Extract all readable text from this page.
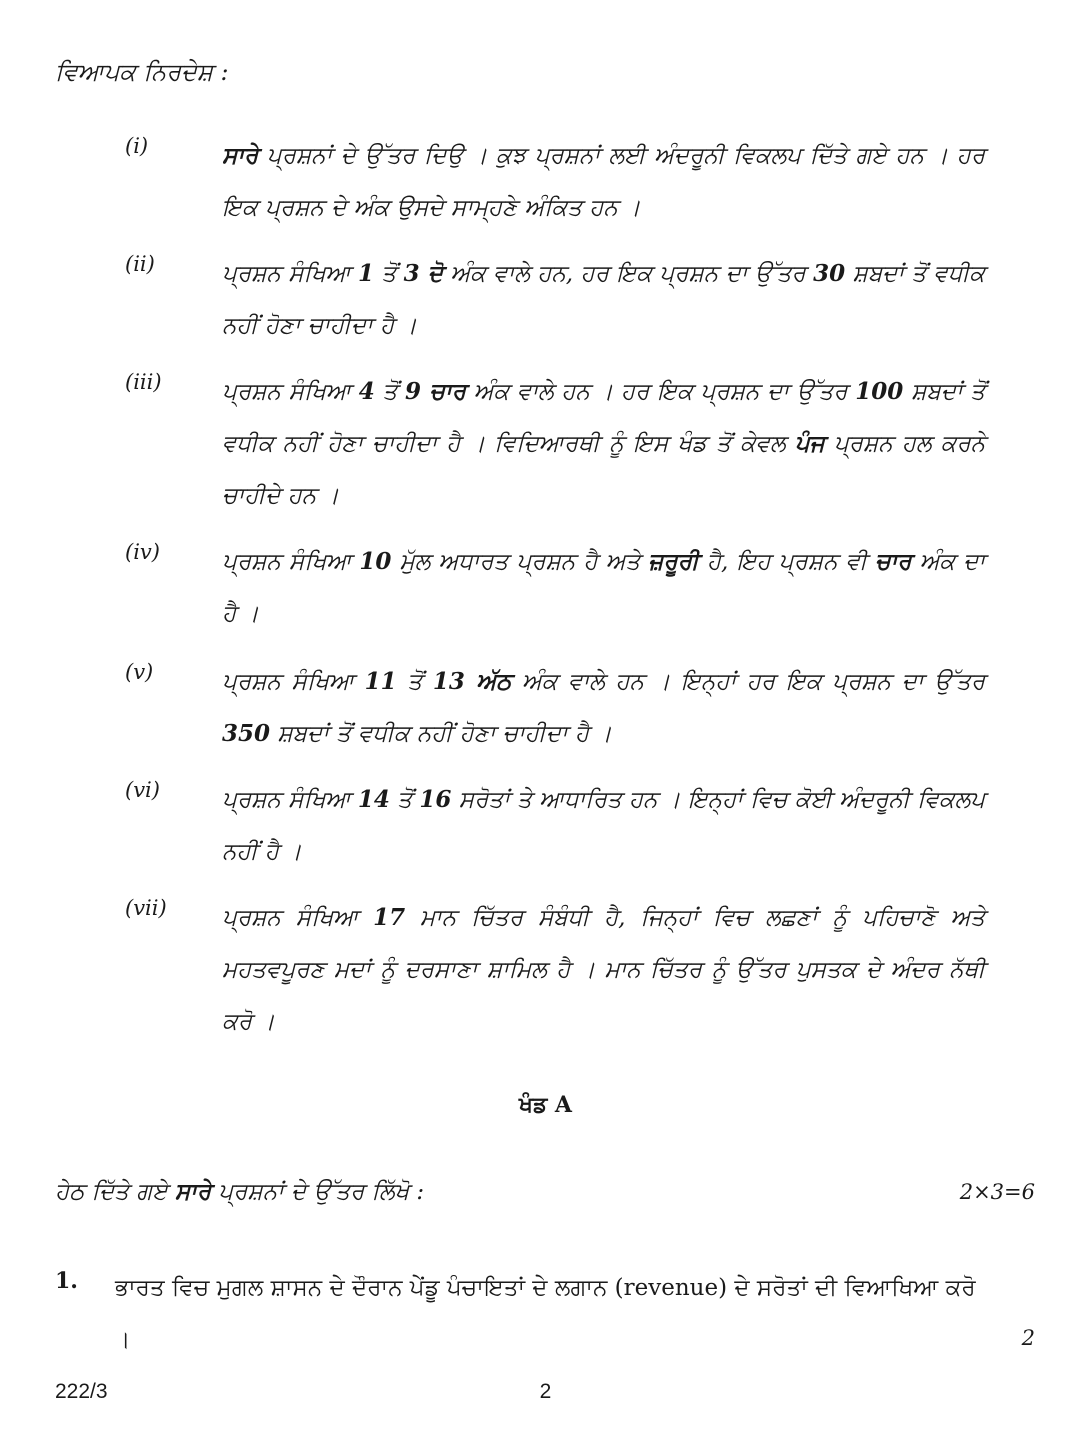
ਵਿਆਪਕ ਨਿਰਦੇਸ਼ :
(i)	ਸਾਰੇ ਪ੍ਰਸ਼ਨਾਂ ਦੇ ਉੱਤਰ ਦਿਉ । ਕੁਝ ਪ੍ਰਸ਼ਨਾਂ ਲਈ ਅੰਦਰੂਨੀ ਵਿਕਲਪ ਦਿੱਤੇ ਗਏ ਹਨ । ਹਰ ਇਕ ਪ੍ਰਸ਼ਨ ਦੇ ਅੰਕ ਉਸਦੇ ਸਾਮ੍ਹਣੇ ਅੰਕਿਤ ਹਨ ।
(ii)	ਪ੍ਰਸ਼ਨ ਸੰਖਿਆ 1 ਤੋਂ 3 ਦੋ ਅੰਕ ਵਾਲੇ ਹਨ, ਹਰ ਇਕ ਪ੍ਰਸ਼ਨ ਦਾ ਉੱਤਰ 30 ਸ਼ਬਦਾਂ ਤੋਂ ਵਧੀਕ ਨਹੀਂ ਹੋਣਾ ਚਾਹੀਦਾ ਹੈ ।
(iii)	ਪ੍ਰਸ਼ਨ ਸੰਖਿਆ 4 ਤੋਂ 9 ਚਾਰ ਅੰਕ ਵਾਲੇ ਹਨ । ਹਰ ਇਕ ਪ੍ਰਸ਼ਨ ਦਾ ਉੱਤਰ 100 ਸ਼ਬਦਾਂ ਤੋਂ ਵਧੀਕ ਨਹੀਂ ਹੋਣਾ ਚਾਹੀਦਾ ਹੈ । ਵਿਦਿਆਰਥੀ ਨੂੰ ਇਸ ਖੰਡ ਤੋਂ ਕੇਵਲ ਪੰਜ ਪ੍ਰਸ਼ਨ ਹਲ ਕਰਨੇ ਚਾਹੀਦੇ ਹਨ ।
(iv)	ਪ੍ਰਸ਼ਨ ਸੰਖਿਆ 10 ਮੁੱਲ ਅਧਾਰਤ ਪ੍ਰਸ਼ਨ ਹੈ ਅਤੇ ਜ਼ਰੂਰੀ ਹੈ, ਇਹ ਪ੍ਰਸ਼ਨ ਵੀ ਚਾਰ ਅੰਕ ਦਾ ਹੈ ।
(v)	ਪ੍ਰਸ਼ਨ ਸੰਖਿਆ 11 ਤੋਂ 13 ਅੱਠ ਅੰਕ ਵਾਲੇ ਹਨ । ਇਨ੍ਹਾਂ ਹਰ ਇਕ ਪ੍ਰਸ਼ਨ ਦਾ ਉੱਤਰ 350 ਸ਼ਬਦਾਂ ਤੋਂ ਵਧੀਕ ਨਹੀਂ ਹੋਣਾ ਚਾਹੀਦਾ ਹੈ ।
(vi)	ਪ੍ਰਸ਼ਨ ਸੰਖਿਆ 14 ਤੋਂ 16 ਸਰੋਤਾਂ ਤੇ ਆਧਾਰਿਤ ਹਨ । ਇਨ੍ਹਾਂ ਵਿਚ ਕੋਈ ਅੰਦਰੂਨੀ ਵਿਕਲਪ ਨਹੀਂ ਹੈ ।
(vii) ਪ੍ਰਸ਼ਨ ਸੰਖਿਆ 17 ਮਾਨ ਚਿੱਤਰ ਸੰਬੰਧੀ ਹੈ, ਜਿਨ੍ਹਾਂ ਵਿਚ ਲਛਣਾਂ ਨੂੰ ਪਹਿਚਾਣੋ ਅਤੇ ਮਹਤਵਪੂਰਣ ਮਦਾਂ ਨੂੰ ਦਰਸਾਣਾ ਸ਼ਾਮਿਲ ਹੈ । ਮਾਨ ਚਿੱਤਰ ਨੂੰ ਉੱਤਰ ਪੁਸਤਕ ਦੇ ਅੰਦਰ ਨੱਥੀ ਕਰੋ ।
ਖੰਡ A
ਹੇਠ ਦਿੱਤੇ ਗਏ ਸਾਰੇ ਪ੍ਰਸ਼ਨਾਂ ਦੇ ਉੱਤਰ ਲਿੱਖੋ :	2×3=6
1. ਭਾਰਤ ਵਿਚ ਮੁਗਲ ਸ਼ਾਸਨ ਦੇ ਦੌਰਾਨ ਪੇਂਡੂ ਪੰਚਾਇਤਾਂ ਦੇ ਲਗਾਨ (revenue) ਦੇ ਸਰੋਤਾਂ ਦੀ ਵਿਆਖਿਆ ਕਰੋ ।	2
222/3	2
